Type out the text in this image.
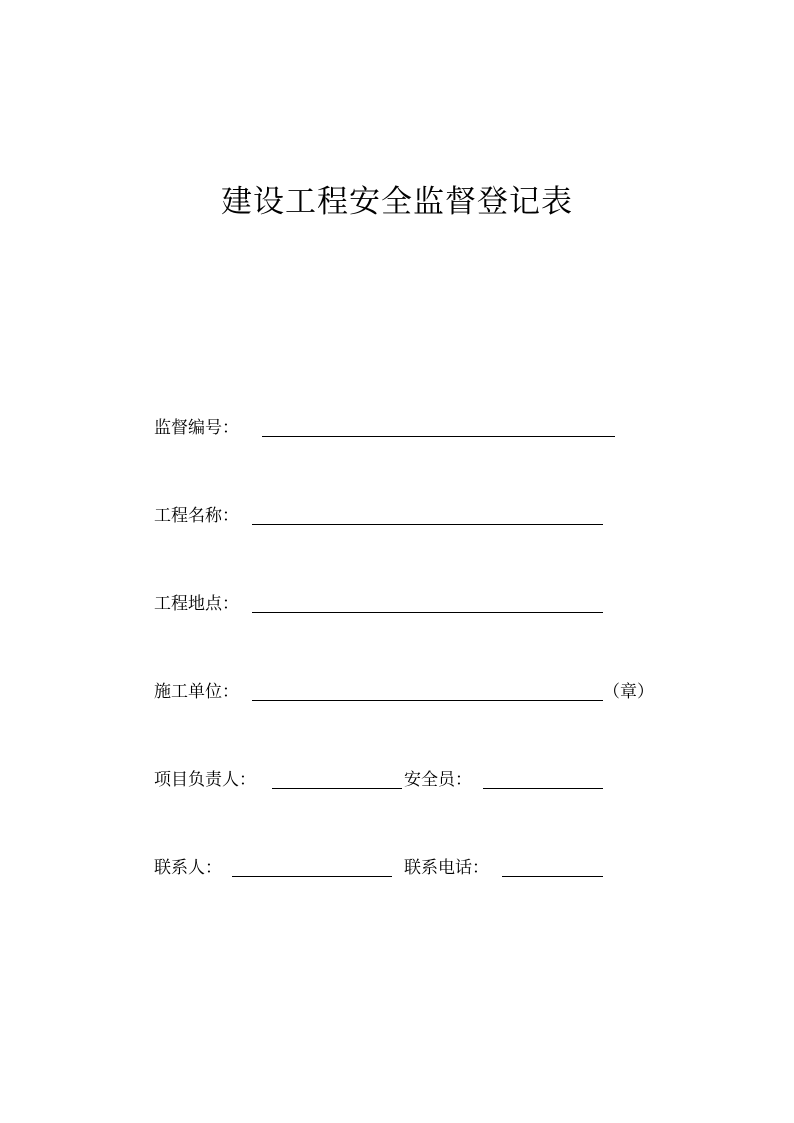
建设工程安全监督登记表
监督编号：
工程名称：
工程地点：
施工单位：	（章）
项目负责人：	安全员：
联系人：	联系电话：
